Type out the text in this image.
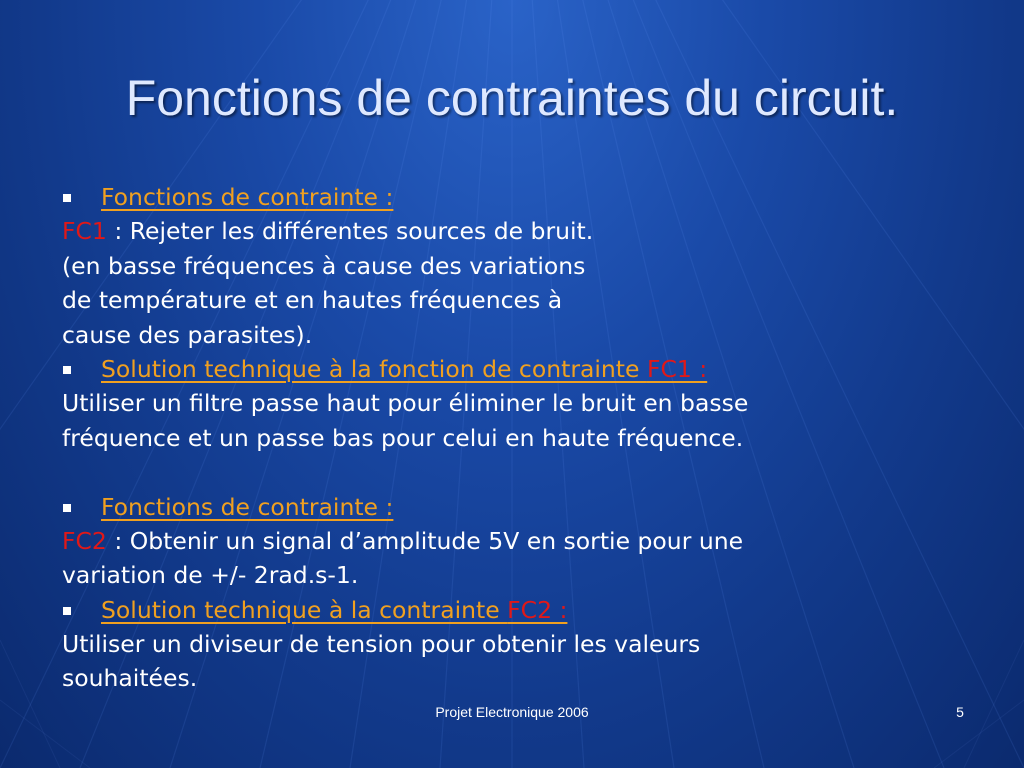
Fonctions de contraintes du circuit.
Fonctions de contrainte :
FC1 : Rejeter les différentes sources de bruit.
(en basse fréquences à cause des variations
de température et en hautes fréquences à
cause des parasites).
Solution technique à la fonction de contrainte FC1 :
Utiliser un filtre passe haut pour éliminer le bruit en basse
fréquence et un passe bas pour celui en haute fréquence.
Fonctions de contrainte :
FC2 : Obtenir un signal d’amplitude 5V en sortie pour une
variation de +/- 2rad.s-1.
Solution technique à la contrainte FC2 :
Utiliser un diviseur de tension pour obtenir les valeurs
souhaitées.
Projet Electronique 2006	5
